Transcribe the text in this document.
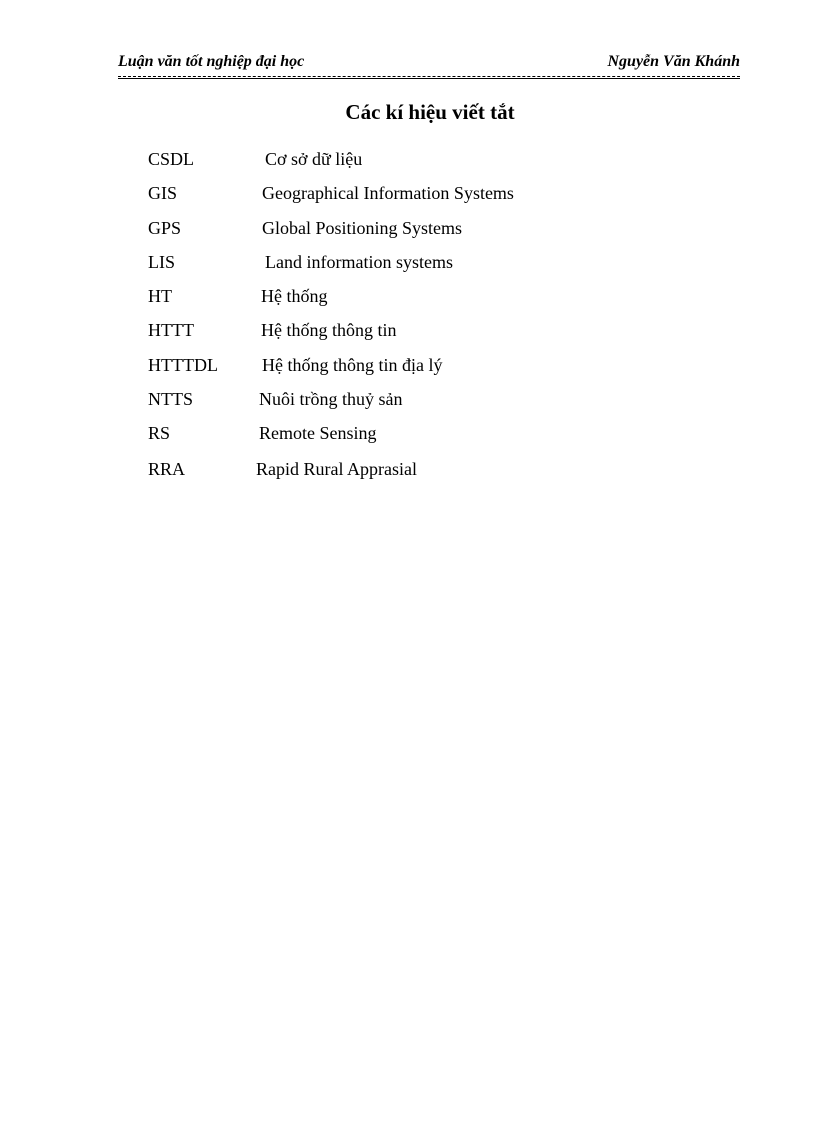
Luận văn tốt nghiệp đại học	Nguyễn Văn Khánh
Các kí hiệu viết tắt
CSDL	Cơ sở dữ liệu
GIS	Geographical Information Systems
GPS	Global Positioning Systems
LIS	Land information systems
HT	Hệ thống
HTTT	Hệ thống thông tin
HTTTDL Hệ thống thông tin địa lý
NTTS	Nuôi trồng thuỷ sản
RS	Remote Sensing
RRA	Rapid Rural Apprasial
